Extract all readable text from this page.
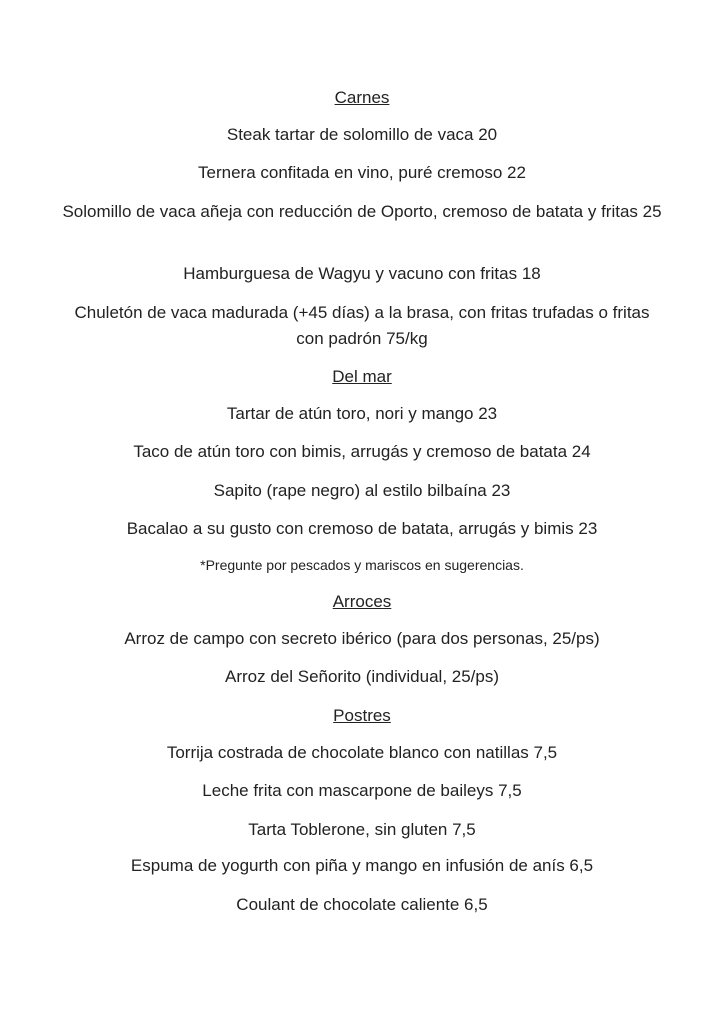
Carnes
Steak tartar de solomillo de vaca 20
Ternera confitada en vino, puré cremoso 22
Solomillo de vaca añeja con reducción de Oporto, cremoso de batata y fritas 25
Hamburguesa de Wagyu y vacuno con fritas 18
Chuletón de vaca madurada (+45 días) a la brasa, con fritas trufadas o fritas con padrón 75/kg
Del mar
Tartar de atún toro, nori y mango 23
Taco de atún toro con bimis, arrugás y cremoso de batata 24
Sapito (rape negro) al estilo bilbaína 23
Bacalao a su gusto con cremoso de batata, arrugás y bimis 23
*Pregunte por pescados y mariscos en sugerencias.
Arroces
Arroz de campo con secreto ibérico (para dos personas, 25/ps)
Arroz del Señorito (individual, 25/ps)
Postres
Torrija costrada de chocolate blanco con natillas 7,5
Leche frita con mascarpone de baileys 7,5
Tarta Toblerone, sin gluten 7,5
Espuma de yogurth con piña y mango en infusión de anís 6,5
Coulant de chocolate caliente 6,5
